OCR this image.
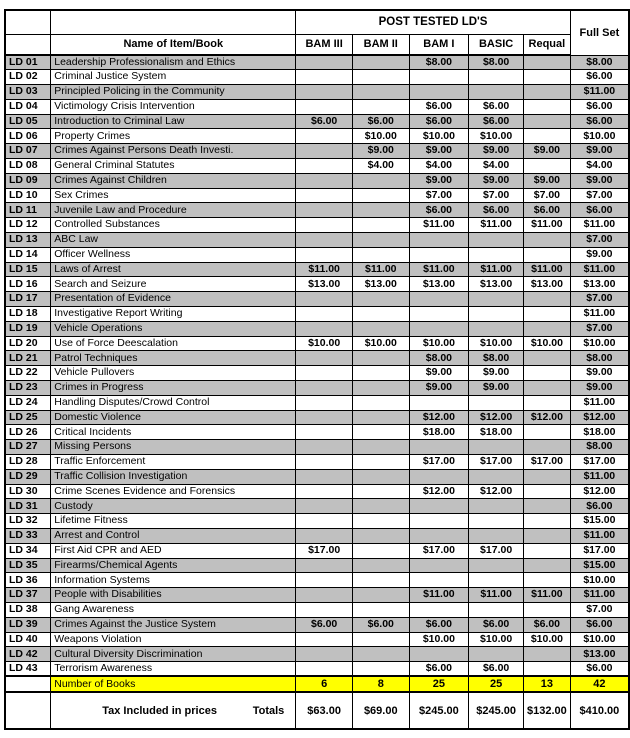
		POST TESTED LD'S					Full Set
	Name of Item/Book	BAM III	BAM II	BAM I	BASIC	Requal	
LD 01	Leadership Professionalism and Ethics			$8.00	$8.00		$8.00
LD 02	Criminal Justice System						$6.00
LD 03	Principled Policing in the Community						$11.00
LD 04	Victimology Crisis Intervention			$6.00	$6.00		$6.00
LD 05	Introduction to Criminal Law	$6.00	$6.00	$6.00	$6.00		$6.00
LD 06	Property Crimes		$10.00	$10.00	$10.00		$10.00
LD 07	Crimes Against Persons Death Investi.		$9.00	$9.00	$9.00	$9.00	$9.00
LD 08	General Criminal Statutes		$4.00	$4.00	$4.00		$4.00
LD 09	Crimes Against Children			$9.00	$9.00	$9.00	$9.00
LD 10	Sex Crimes			$7.00	$7.00	$7.00	$7.00
LD 11	Juvenile Law and Procedure			$6.00	$6.00	$6.00	$6.00
LD 12	Controlled Substances			$11.00	$11.00	$11.00	$11.00
LD 13	ABC Law						$7.00
LD 14	Officer Wellness						$9.00
LD 15	Laws of Arrest	$11.00	$11.00	$11.00	$11.00	$11.00	$11.00
LD 16	Search and Seizure	$13.00	$13.00	$13.00	$13.00	$13.00	$13.00
LD 17	Presentation of Evidence						$7.00
LD 18	Investigative Report Writing						$11.00
LD 19	Vehicle Operations						$7.00
LD 20	Use of Force Deescalation	$10.00	$10.00	$10.00	$10.00	$10.00	$10.00
LD 21	Patrol Techniques			$8.00	$8.00		$8.00
LD 22	Vehicle Pullovers			$9.00	$9.00		$9.00
LD 23	Crimes in Progress			$9.00	$9.00		$9.00
LD 24	Handling Disputes/Crowd Control						$11.00
LD 25	Domestic Violence			$12.00	$12.00	$12.00	$12.00
LD 26	Critical Incidents			$18.00	$18.00		$18.00
LD 27	Missing Persons						$8.00
LD 28	Traffic Enforcement			$17.00	$17.00	$17.00	$17.00
LD 29	Traffic Collision Investigation						$11.00
LD 30	Crime Scenes Evidence and Forensics			$12.00	$12.00		$12.00
LD 31	Custody						$6.00
LD 32	Lifetime Fitness						$15.00
LD 33	Arrest and Control						$11.00
LD 34	First Aid CPR and AED	$17.00		$17.00	$17.00		$17.00
LD 35	Firearms/Chemical Agents						$15.00
LD 36	Information Systems						$10.00
LD 37	People with Disabilities			$11.00	$11.00	$11.00	$11.00
LD 38	Gang Awareness						$7.00
LD 39	Crimes Against the Justice System	$6.00	$6.00	$6.00	$6.00	$6.00	$6.00
LD 40	Weapons Violation			$10.00	$10.00	$10.00	$10.00
LD 42	Cultural Diversity Discrimination						$13.00
LD 43	Terrorism Awareness			$6.00	$6.00		$6.00
	Number of Books	6	8	25	25	13	42

	Tax Included in prices Totals	$63.00	$69.00	$245.00	$245.00	$132.00	$410.00
